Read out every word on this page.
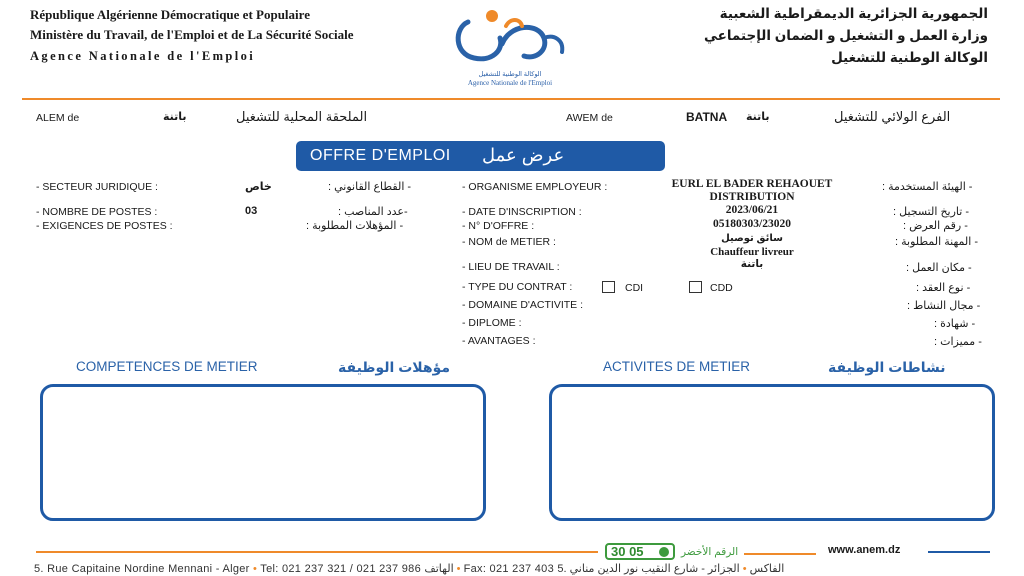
République Algérienne Démocratique et Populaire
Ministère du Travail, de l'Emploi et de La Sécurité Sociale
Agence Nationale de l'Emploi
الوكالة الوطنية للتشغيل
Agence Nationale de l'Emploi
الجمهورية الجزائرية الديمقراطية الشعبية
وزارة العمل و التشغيل و الضمان الإجتماعي
الوكالة الوطنية للتشغيل
ALEM de	باتنة	الملحقة المحلية للتشغيل	AWEM de	BATNA باتنة	الفرع الولائي للتشغيل
OFFRE D'EMPLOI عرض عمل
- SECTEUR JURIDIQUE :	خاص	- القطاع القانوني :
- NOMBRE DE POSTES :	03	-عدد المناصب :
- EXIGENCES DE POSTES :	- المؤهلات المطلوبة :
- ORGANISME EMPLOYEUR :	EURL EL BADER REHAOUET
DISTRIBUTION
- الهيئة المستخدمة :
- DATE D'INSCRIPTION :	2023/06/21	- تاريخ التسجيل :
- N° D'OFFRE :	05180303/23020	- رقم العرض :
- NOM de METIER :	سائق توصيل
Chauffeur livreur
- المهنة المطلوبة :
- LIEU DE TRAVAIL :	باتنة	- مكان العمل :
- TYPE DU CONTRAT :	CDI	CDD	- نوع العقد :
- DOMAINE D'ACTIVITE :	- مجال النشاط :
- DIPLOME :	- شهادة :
- AVANTAGES :	- مميزات :
COMPETENCES DE METIER	مؤهلات الوظيفة	ACTIVITES DE METIER	نشاطات الوظيفة
30 05	الرقم الأخضر	www.anem.dz
5. Rue Capitaine Nordine Mennani - Alger • Tel: 021 237 321 / 021 237 986 الهاتف • Fax: 021 237 403	الفاكس • الجزائر - شارع النقيب نور الدين مناني .5
